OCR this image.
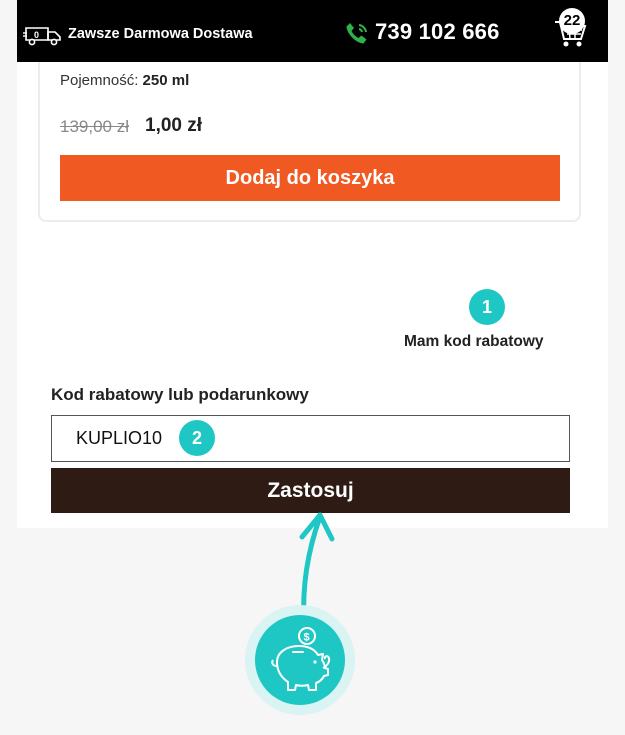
0 Zawsze Darmowa Dostawa	739 102 666	22
Pojemność: 250 ml
139,00 zł 1,00 zł
Dodaj do koszyka
1
Mam kod rabatowy
Kod rabatowy lub podarunkowy
KUPLIO10
2
Zastosuj
$
